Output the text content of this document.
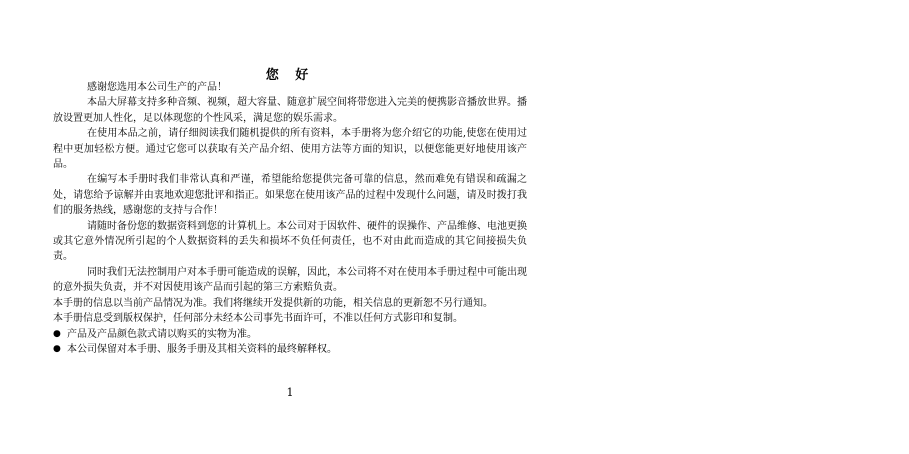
您 好

感谢您选用本公司生产的产品！

本品大屏幕支持多种音频、视频，超大容量、随意扩展空间将带您进入完美的便携影音播放世界。播放设置更加人性化，足以体现您的个性风采，满足您的娱乐需求。

在使用本品之前，请仔细阅读我们随机提供的所有资料，本手册将为您介绍它的功能,使您在使用过程中更加轻松方便。通过它您可以获取有关产品介绍、使用方法等方面的知识，以便您能更好地使用该产品。

在编写本手册时我们非常认真和严谨，希望能给您提供完备可靠的信息，然而难免有错误和疏漏之处，请您给予谅解并由衷地欢迎您批评和指正。如果您在使用该产品的过程中发现什么问题，请及时拨打我们的服务热线，感谢您的支持与合作！

请随时备份您的数据资料到您的计算机上。本公司对于因软件、硬件的误操作、产品维修、电池更换或其它意外情况所引起的个人数据资料的丢失和损坏不负任何责任，也不对由此而造成的其它间接损失负责。

同时我们无法控制用户对本手册可能造成的误解，因此，本公司将不对在使用本手册过程中可能出现的意外损失负责，并不对因使用该产品而引起的第三方索赔负责。

本手册的信息以当前产品情况为准。我们将继续开发提供新的功能，相关信息的更新恕不另行通知。

本手册信息受到版权保护，任何部分未经本公司事先书面许可，不准以任何方式影印和复制。

● 产品及产品颜色款式请以购买的实物为准。

● 本公司保留对本手册、服务手册及其相关资料的最终解释权。

1
